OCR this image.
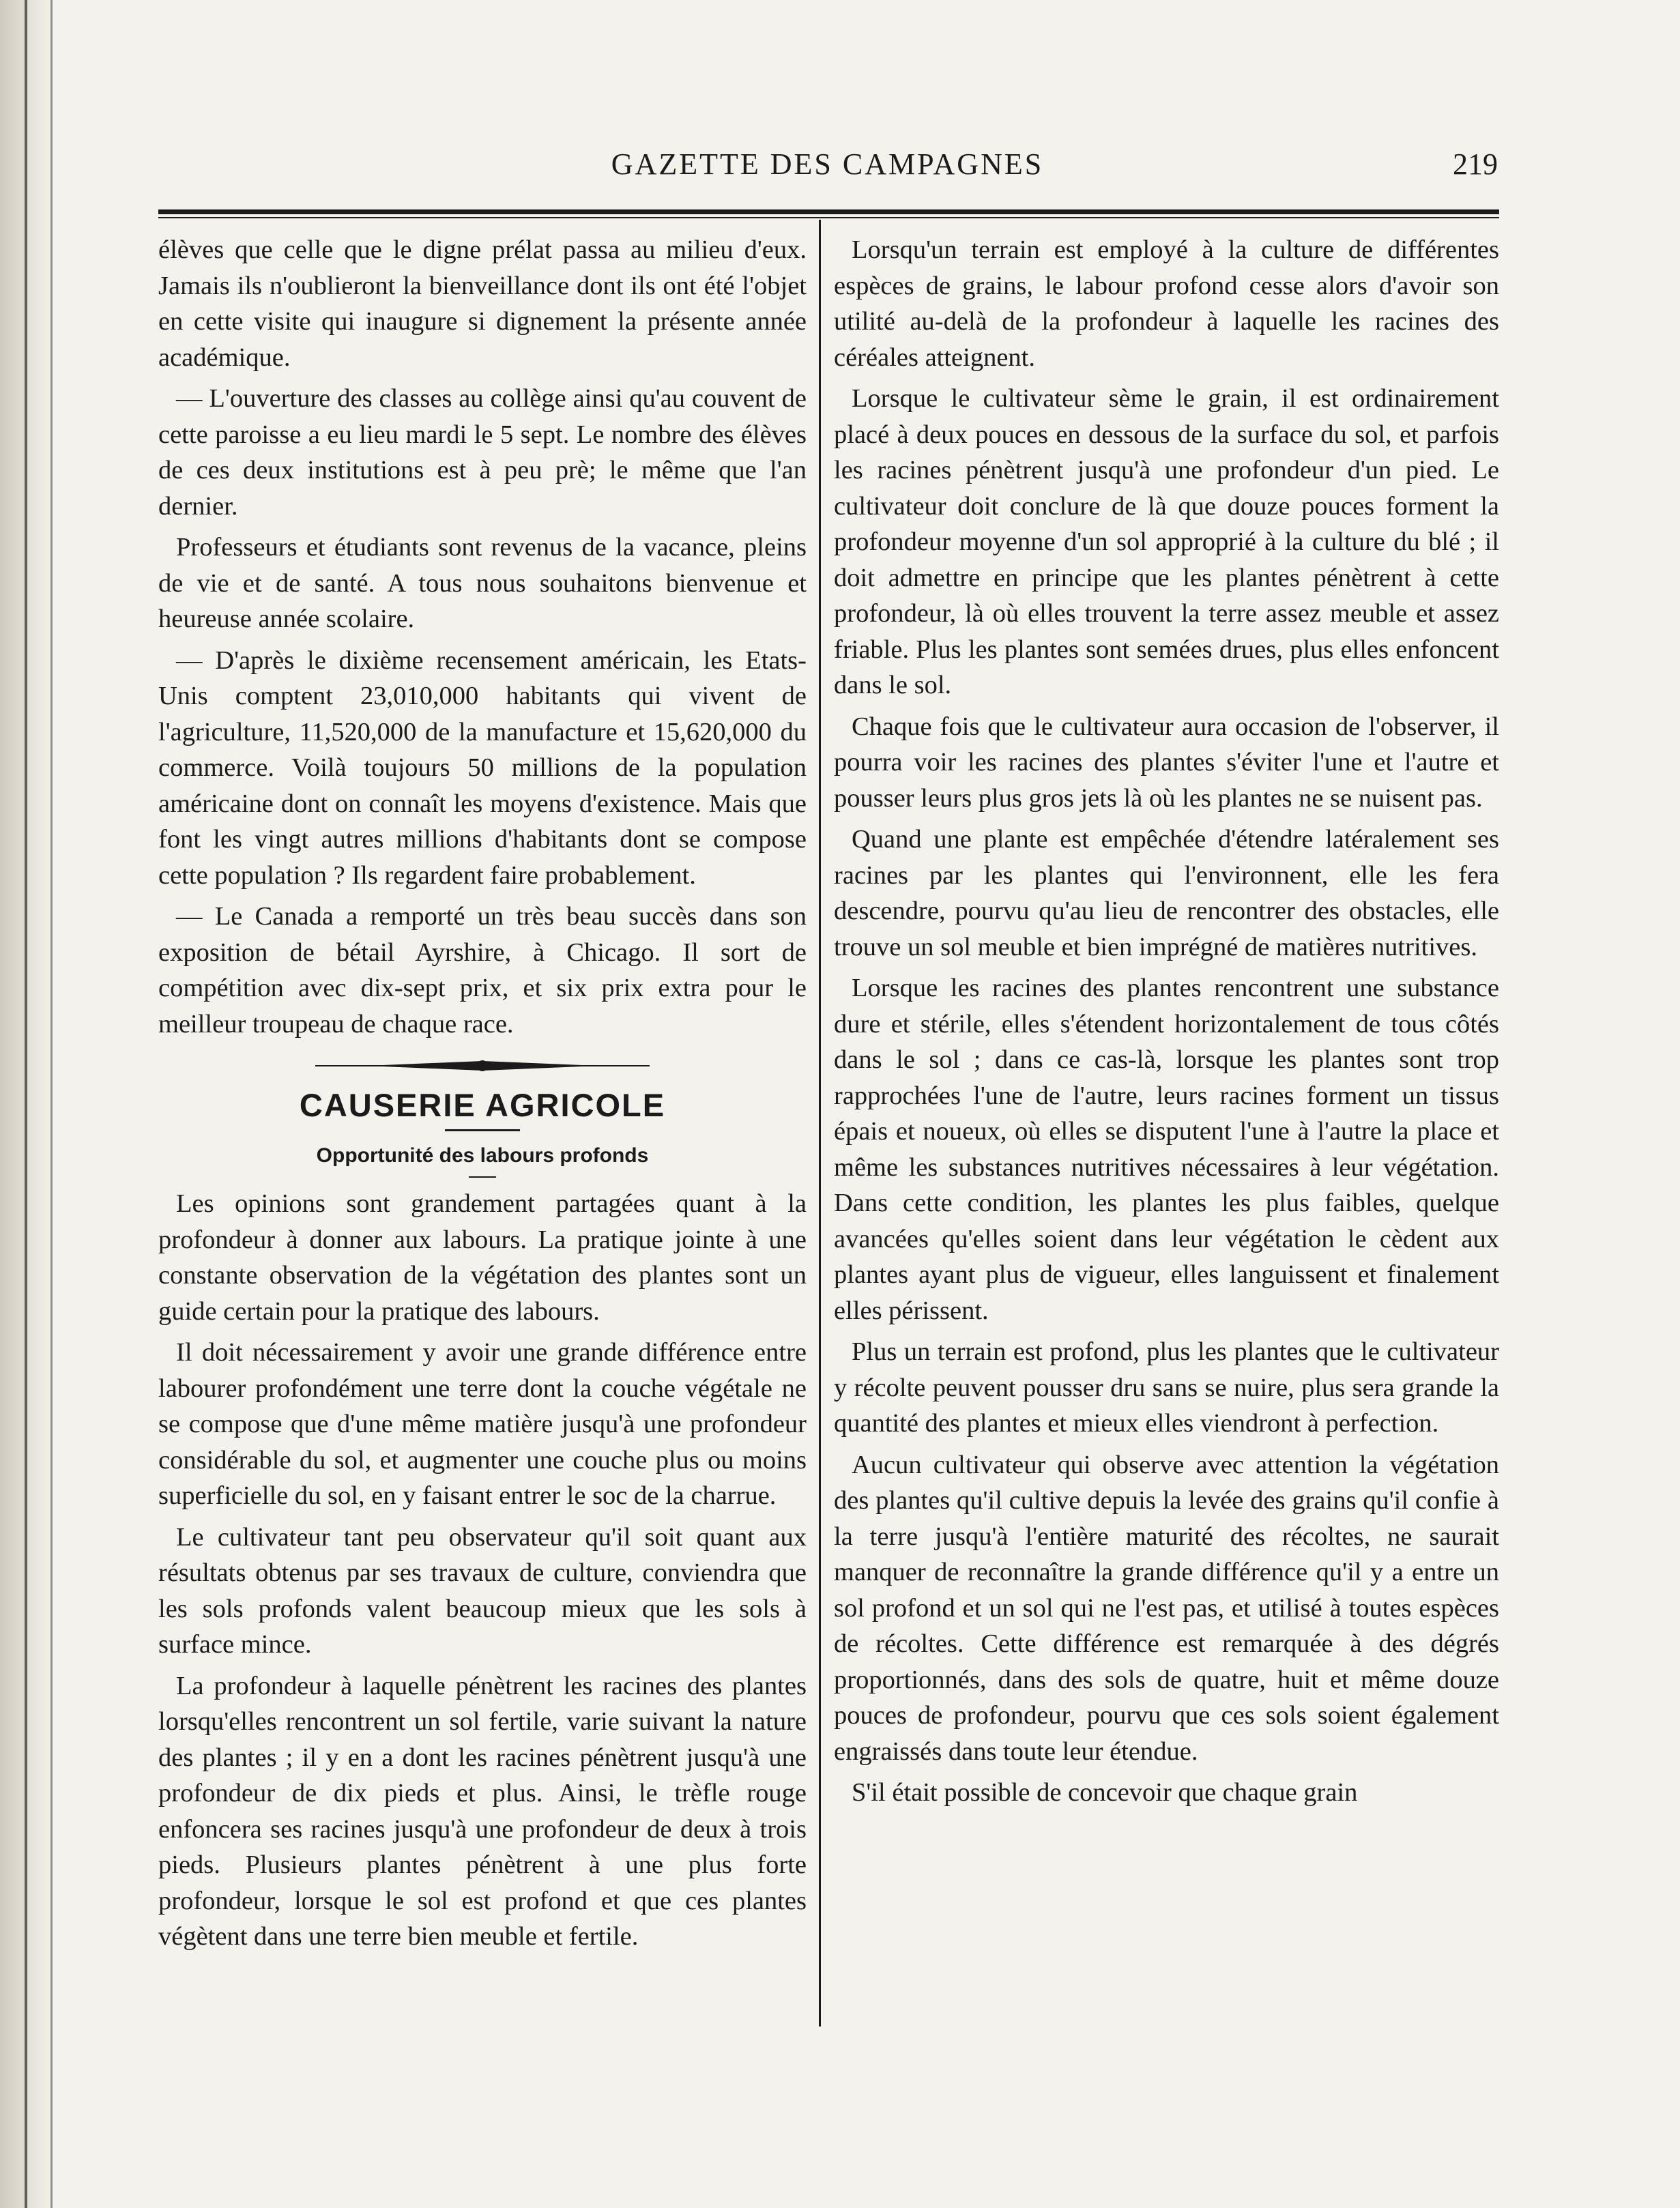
GAZETTE DES CAMPAGNES	219

élèves que celle que le digne prélat passa au milieu d'eux. Jamais ils n'oublieront la bienveillance dont ils ont été l'objet en cette visite qui inaugure si dignement la présente année académique.

— L'ouverture des classes au collège ainsi qu'au couvent de cette paroisse a eu lieu mardi le 5 sept. Le nombre des élèves de ces deux institutions est à peu prè; le même que l'an dernier.

Professeurs et étudiants sont revenus de la vacance, pleins de vie et de santé. A tous nous souhaitons bienvenue et heureuse année scolaire.

— D'après le dixième recensement américain, les Etats-Unis comptent 23,010,000 habitants qui vivent de l'agriculture, 11,520,000 de la manufacture et 15,620,000 du commerce. Voilà toujours 50 millions de la population américaine dont on connaît les moyens d'existence. Mais que font les vingt autres millions d'habitants dont se compose cette population ? Ils regardent faire probablement.

— Le Canada a remporté un très beau succès dans son exposition de bétail Ayrshire, à Chicago. Il sort de compétition avec dix-sept prix, et six prix extra pour le meilleur troupeau de chaque race.

CAUSERIE AGRICOLE
Opportunité des labours profonds

Les opinions sont grandement partagées quant à la profondeur à donner aux labours. La pratique jointe à une constante observation de la végétation des plantes sont un guide certain pour la pratique des labours.

Il doit nécessairement y avoir une grande différence entre labourer profondément une terre dont la couche végétale ne se compose que d'une même matière jusqu'à une profondeur considérable du sol, et augmenter une couche plus ou moins superficielle du sol, en y faisant entrer le soc de la charrue.

Le cultivateur tant peu observateur qu'il soit quant aux résultats obtenus par ses travaux de culture, conviendra que les sols profonds valent beaucoup mieux que les sols à surface mince.

La profondeur à laquelle pénètrent les racines des plantes lorsqu'elles rencontrent un sol fertile, varie suivant la nature des plantes ; il y en a dont les racines pénètrent jusqu'à une profondeur de dix pieds et plus. Ainsi, le trèfle rouge enfoncera ses racines jusqu'à une profondeur de deux à trois pieds. Plusieurs plantes pénètrent à une plus forte profondeur, lorsque le sol est profond et que ces plantes végètent dans une terre bien meuble et fertile.

Lorsqu'un terrain est employé à la culture de différentes espèces de grains, le labour profond cesse alors d'avoir son utilité au-delà de la profondeur à laquelle les racines des céréales atteignent.

Lorsque le cultivateur sème le grain, il est ordinairement placé à deux pouces en dessous de la surface du sol, et parfois les racines pénètrent jusqu'à une profondeur d'un pied. Le cultivateur doit conclure de là que douze pouces forment la profondeur moyenne d'un sol approprié à la culture du blé ; il doit admettre en principe que les plantes pénètrent à cette profondeur, là où elles trouvent la terre assez meuble et assez friable. Plus les plantes sont semées drues, plus elles enfoncent dans le sol.

Chaque fois que le cultivateur aura occasion de l'observer, il pourra voir les racines des plantes s'éviter l'une et l'autre et pousser leurs plus gros jets là où les plantes ne se nuisent pas.

Quand une plante est empêchée d'étendre latéralement ses racines par les plantes qui l'environnent, elle les fera descendre, pourvu qu'au lieu de rencontrer des obstacles, elle trouve un sol meuble et bien imprégné de matières nutritives.

Lorsque les racines des plantes rencontrent une substance dure et stérile, elles s'étendent horizontalement de tous côtés dans le sol ; dans ce cas-là, lorsque les plantes sont trop rapprochées l'une de l'autre, leurs racines forment un tissus épais et noueux, où elles se disputent l'une à l'autre la place et même les substances nutritives nécessaires à leur végétation. Dans cette condition, les plantes les plus faibles, quelque avancées qu'elles soient dans leur végétation le cèdent aux plantes ayant plus de vigueur, elles languissent et finalement elles périssent.

Plus un terrain est profond, plus les plantes que le cultivateur y récolte peuvent pousser dru sans se nuire, plus sera grande la quantité des plantes et mieux elles viendront à perfection.

Aucun cultivateur qui observe avec attention la végétation des plantes qu'il cultive depuis la levée des grains qu'il confie à la terre jusqu'à l'entière maturité des récoltes, ne saurait manquer de reconnaître la grande différence qu'il y a entre un sol profond et un sol qui ne l'est pas, et utilisé à toutes espèces de récoltes. Cette différence est remarquée à des dégrés proportionnés, dans des sols de quatre, huit et même douze pouces de profondeur, pourvu que ces sols soient également engraissés dans toute leur étendue.

S'il était possible de concevoir que chaque grain
